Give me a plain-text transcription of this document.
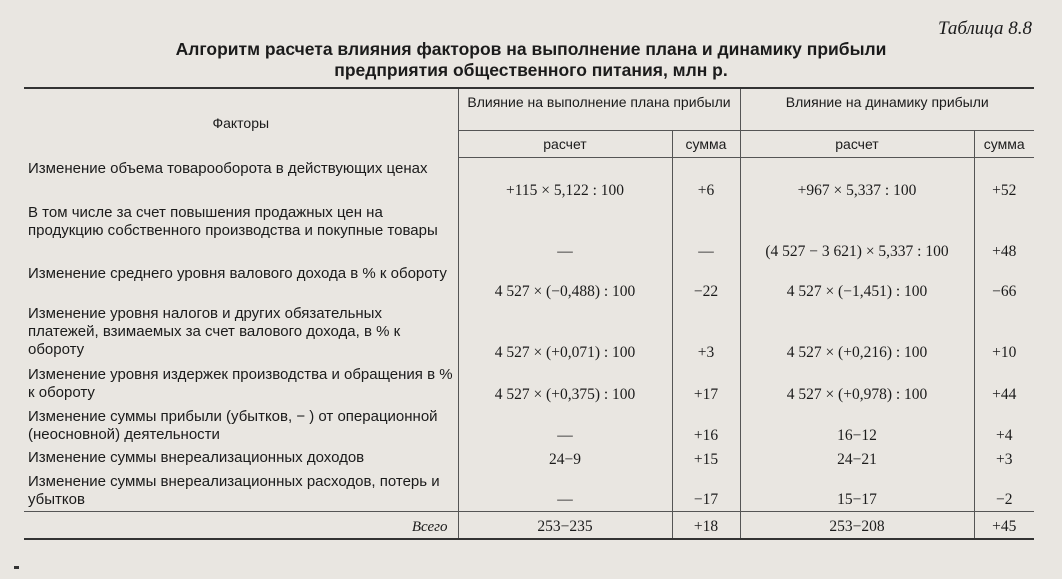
Таблица 8.8
Алгоритм расчета влияния факторов на выполнение плана и динамику прибыли
предприятия общественного питания, млн р.
Факторы	Влияние на выполнение плана прибыли		Влияние на динамику прибыли	
	расчет	сумма	расчет	сумма
Изменение объема товарооборота в действующих ценах	+115 × 5,122 : 100	+6	+967 × 5,337 : 100	+52
В том числе за счет повышения продажных цен на продукцию собственного производства и покупные товары	—	—	(4 527 − 3 621) × 5,337 : 100	+48
Изменение среднего уровня валового дохода в % к обороту	4 527 × (−0,488) : 100	−22	4 527 × (−1,451) : 100	−66
Изменение уровня налогов и других обязательных платежей, взимаемых за счет валового дохода, в % к обороту	4 527 × (+0,071) : 100	+3	4 527 × (+0,216) : 100	+10
Изменение уровня издержек производства и обращения в % к обороту	4 527 × (+0,375) : 100	+17	4 527 × (+0,978) : 100	+44
Изменение суммы прибыли (убытков, − ) от операционной (неосновной) деятельности	—	+16	16−12	+4
Изменение суммы внереализационных доходов	24−9	+15	24−21	+3
Изменение суммы внереализационных расходов, потерь и убытков	—	−17	15−17	−2
Всего	253−235	+18	253−208	+45
